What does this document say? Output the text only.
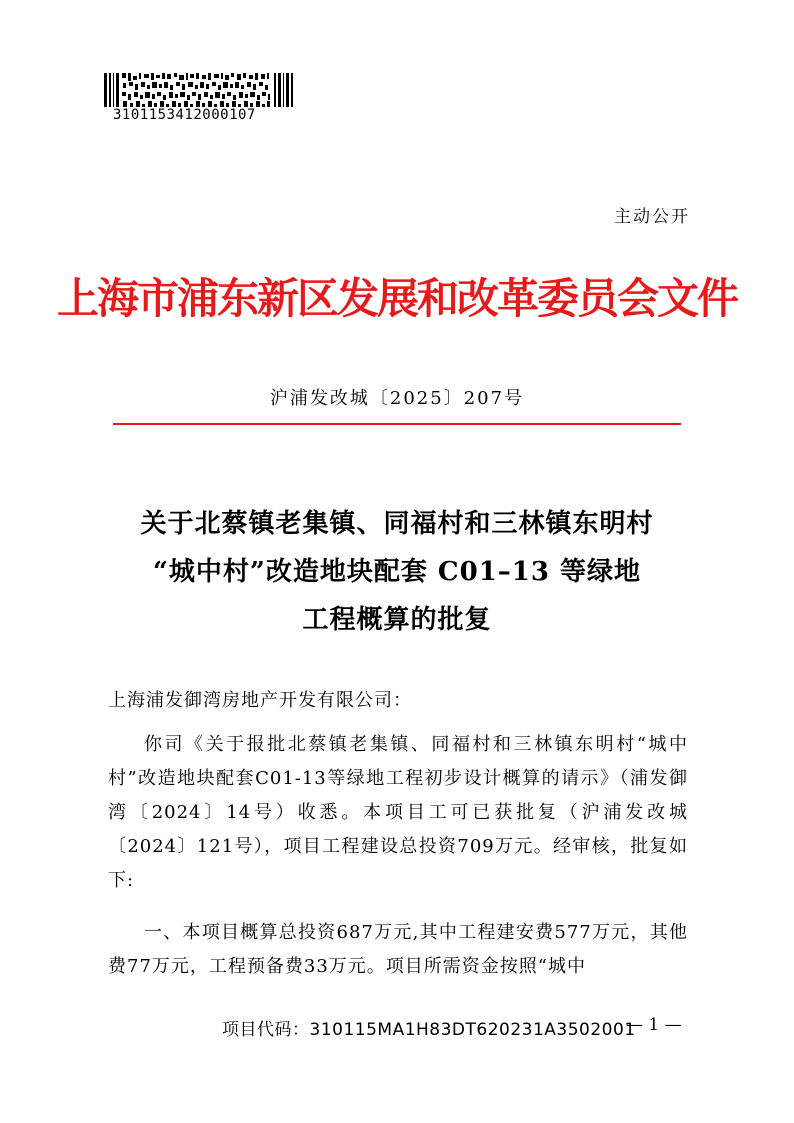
3101153412000107
主动公开
上海市浦东新区发展和改革委员会文件
沪浦发改城〔2025〕207号
关于北蔡镇老集镇、同福村和三林镇东明村
“城中村”改造地块配套 C01–13 等绿地
工程概算的批复
上海浦发御湾房地产开发有限公司：
你司《关于报批北蔡镇老集镇、同福村和三林镇东明村“城中村”改造地块配套C01-13等绿地工程初步设计概算的请示》（浦发御湾〔2024〕14号）收悉。本项目工可已获批复（沪浦发改城〔2024〕121号），项目工程建设总投资709万元。经审核，批复如下:
一、本项目概算总投资687万元,其中工程建安费577万元，其他费77万元，工程预备费33万元。项目所需资金按照“城中
项目代码：310115MA1H83DT620231A3502001
— 1 —
